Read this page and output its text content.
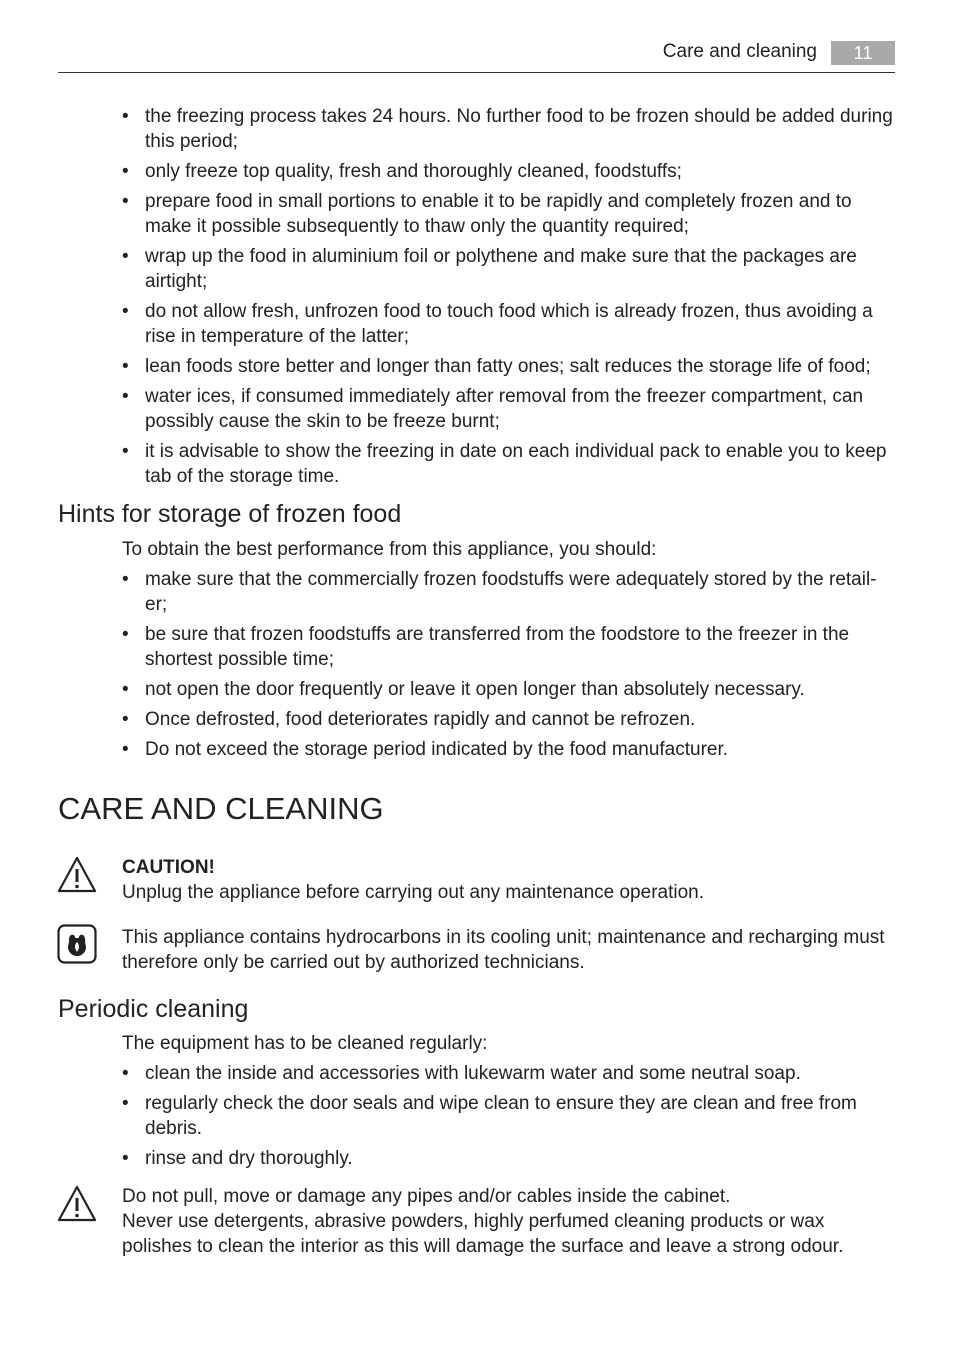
Care and cleaning	11
• the freezing process takes 24 hours. No further food to be frozen should be added during this period;
• only freeze top quality, fresh and thoroughly cleaned, foodstuffs;
• prepare food in small portions to enable it to be rapidly and completely frozen and to make it possible subsequently to thaw only the quantity required;
• wrap up the food in aluminium foil or polythene and make sure that the packages are airtight;
• do not allow fresh, unfrozen food to touch food which is already frozen, thus avoiding a rise in temperature of the latter;
• lean foods store better and longer than fatty ones; salt reduces the storage life of food;
• water ices, if consumed immediately after removal from the freezer compartment, can possibly cause the skin to be freeze burnt;
• it is advisable to show the freezing in date on each individual pack to enable you to keep tab of the storage time.
Hints for storage of frozen food

To obtain the best performance from this appliance, you should:

• make sure that the commercially frozen foodstuffs were adequately stored by the retail-er;
• be sure that frozen foodstuffs are transferred from the foodstore to the freezer in the shortest possible time;
• not open the door frequently or leave it open longer than absolutely necessary.
• Once defrosted, food deteriorates rapidly and cannot be refrozen.
• Do not exceed the storage period indicated by the food manufacturer.
CARE AND CLEANING

CAUTION!

Unplug the appliance before carrying out any maintenance operation.

This appliance contains hydrocarbons in its cooling unit; maintenance and recharging must therefore only be carried out by authorized technicians.

Periodic cleaning

The equipment has to be cleaned regularly:

• clean the inside and accessories with lukewarm water and some neutral soap.
• regularly check the door seals and wipe clean to ensure they are clean and free from debris.
• rinse and dry thoroughly.

Do not pull, move or damage any pipes and/or cables inside the cabinet.

Never use detergents, abrasive powders, highly perfumed cleaning products or wax polishes to clean the interior as this will damage the surface and leave a strong odour.
